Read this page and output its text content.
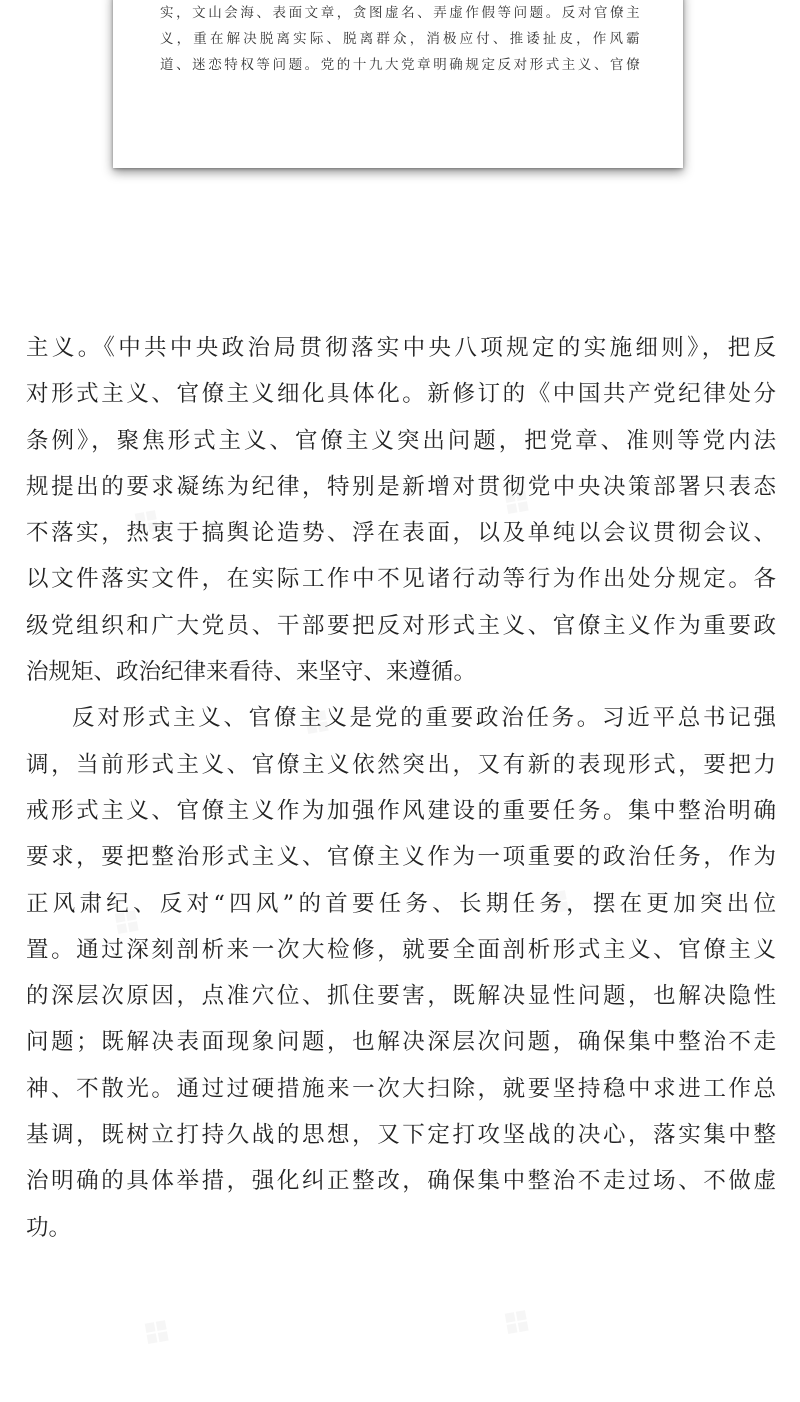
实，文山会海、表面文章，贪图虚名、弄虚作假等问题。反对官僚主
义，重在解决脱离实际、脱离群众，消极应付、推诿扯皮，作风霸
道、迷恋特权等问题。党的十九大党章明确规定反对形式主义、官僚

主义。《中共中央政治局贯彻落实中央八项规定的实施细则》，把反
对形式主义、官僚主义细化具体化。新修订的《中国共产党纪律处分
条例》，聚焦形式主义、官僚主义突出问题，把党章、准则等党内法
规提出的要求凝练为纪律，特别是新增对贯彻党中央决策部署只表态
不落实，热衷于搞舆论造势、浮在表面，以及单纯以会议贯彻会议、
以文件落实文件，在实际工作中不见诸行动等行为作出处分规定。各
级党组织和广大党员、干部要把反对形式主义、官僚主义作为重要政
治规矩、政治纪律来看待、来坚守、来遵循。
反对形式主义、官僚主义是党的重要政治任务。习近平总书记强
调，当前形式主义、官僚主义依然突出，又有新的表现形式，要把力
戒形式主义、官僚主义作为加强作风建设的重要任务。集中整治明确
要求，要把整治形式主义、官僚主义作为一项重要的政治任务，作为
正风肃纪、反对“四风”的首要任务、长期任务，摆在更加突出位
置。通过深刻剖析来一次大检修，就要全面剖析形式主义、官僚主义
的深层次原因，点准穴位、抓住要害，既解决显性问题，也解决隐性
问题；既解决表面现象问题，也解决深层次问题，确保集中整治不走
神、不散光。通过过硬措施来一次大扫除，就要坚持稳中求进工作总
基调，既树立打持久战的思想，又下定打攻坚战的决心，落实集中整
治明确的具体举措，强化纠正整改，确保集中整治不走过场、不做虚
功。
